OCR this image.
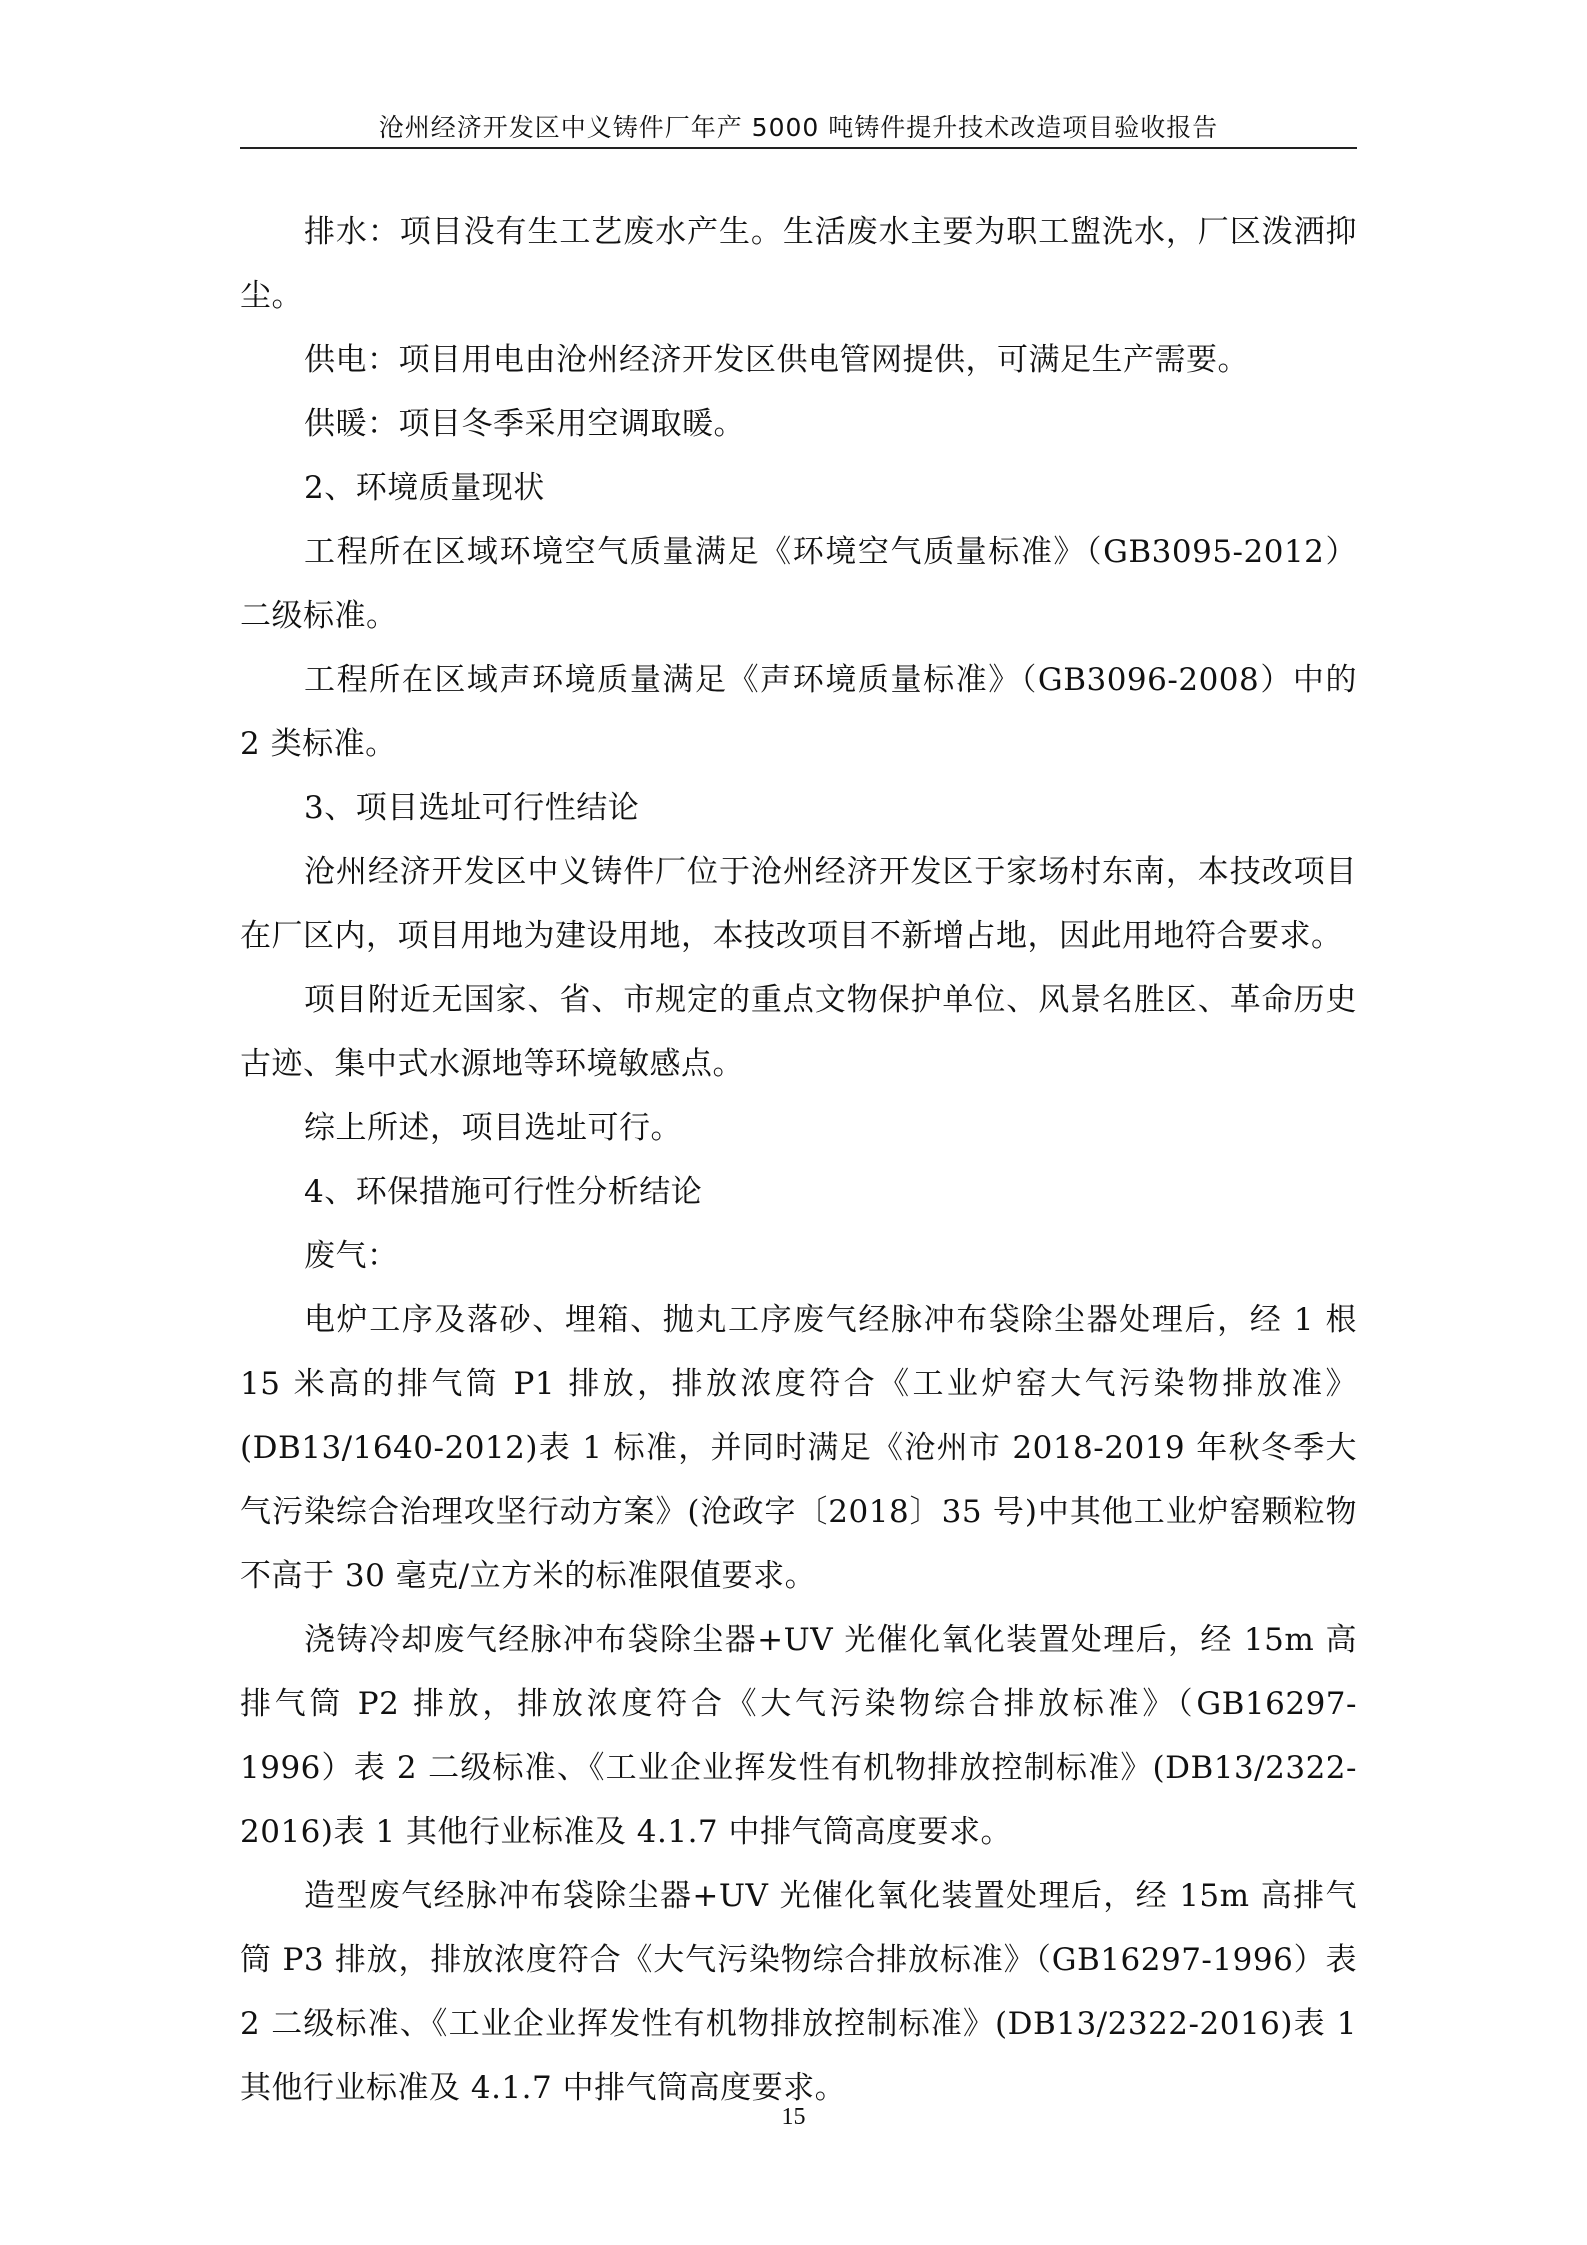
沧州经济开发区中义铸件厂年产 5000 吨铸件提升技术改造项目验收报告

排水：项目没有生工艺废水产生。生活废水主要为职工盥洗水，厂区泼洒抑尘。

供电：项目用电由沧州经济开发区供电管网提供，可满足生产需要。

供暖：项目冬季采用空调取暖。

2、环境质量现状

工程所在区域环境空气质量满足《环境空气质量标准》（GB3095-2012）二级标准。

工程所在区域声环境质量满足《声环境质量标准》（GB3096-2008）中的 2 类标准。

3、项目选址可行性结论

沧州经济开发区中义铸件厂位于沧州经济开发区于家场村东南，本技改项目在厂区内，项目用地为建设用地，本技改项目不新增占地，因此用地符合要求。

项目附近无国家、省、市规定的重点文物保护单位、风景名胜区、革命历史古迹、集中式水源地等环境敏感点。

综上所述，项目选址可行。

4、环保措施可行性分析结论

废气：

电炉工序及落砂、埋箱、抛丸工序废气经脉冲布袋除尘器处理后，经 1 根 15 米高的排气筒 P1 排放，排放浓度符合《工业炉窑大气污染物排放准》(DB13/1640-2012)表 1 标准，并同时满足《沧州市 2018-2019 年秋冬季大气污染综合治理攻坚行动方案》(沧政字〔2018〕35 号)中其他工业炉窑颗粒物不高于 30 毫克/立方米的标准限值要求。

浇铸冷却废气经脉冲布袋除尘器+UV 光催化氧化装置处理后，经 15m 高排气筒 P2 排放，排放浓度符合《大气污染物综合排放标准》（GB16297-1996）表 2 二级标准、《工业企业挥发性有机物排放控制标准》(DB13/2322-2016)表 1 其他行业标准及 4.1.7 中排气筒高度要求。

造型废气经脉冲布袋除尘器+UV 光催化氧化装置处理后，经 15m 高排气筒 P3 排放，排放浓度符合《大气污染物综合排放标准》（GB16297-1996）表 2 二级标准、《工业企业挥发性有机物排放控制标准》(DB13/2322-2016)表 1 其他行业标准及 4.1.7 中排气筒高度要求。

15
